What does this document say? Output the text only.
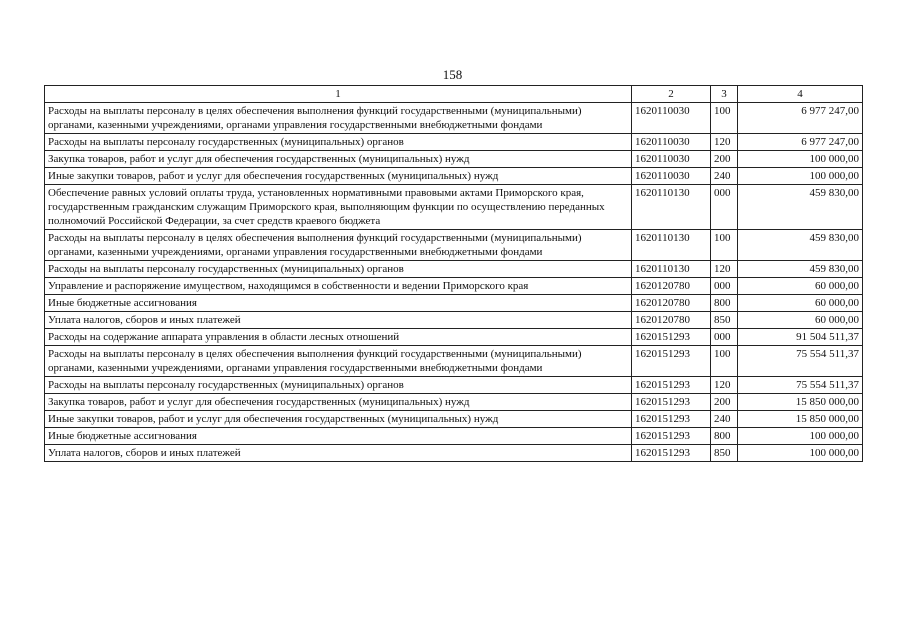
158
1	2	3	4
Расходы на выплаты персоналу в целях обеспечения выполнения функций государственными (муниципальными) органами, казенными учреждениями, органами управления государственными внебюджетными фондами	1620110030	100	6 977 247,00
Расходы на выплаты персоналу государственных (муниципальных) органов	1620110030	120	6 977 247,00
Закупка товаров, работ и услуг для обеспечения государственных (муниципальных) нужд	1620110030	200	100 000,00
Иные закупки товаров, работ и услуг для обеспечения государственных (муниципальных) нужд	1620110030	240	100 000,00
Обеспечение равных условий оплаты труда, установленных нормативными правовыми актами Приморского края, государственным гражданским служащим Приморского края, выполняющим функции по осуществлению переданных полномочий Российской Федерации, за счет средств краевого бюджета	1620110130	000	459 830,00
Расходы на выплаты персоналу в целях обеспечения выполнения функций государственными (муниципальными) органами, казенными учреждениями, органами управления государственными внебюджетными фондами	1620110130	100	459 830,00
Расходы на выплаты персоналу государственных (муниципальных) органов	1620110130	120	459 830,00
Управление и распоряжение имуществом, находящимся в собственности и ведении Приморского края	1620120780	000	60 000,00
Иные бюджетные ассигнования	1620120780	800	60 000,00
Уплата налогов, сборов и иных платежей	1620120780	850	60 000,00
Расходы на содержание аппарата управления в области лесных отношений	1620151293	000	91 504 511,37
Расходы на выплаты персоналу в целях обеспечения выполнения функций государственными (муниципальными) органами, казенными учреждениями, органами управления государственными внебюджетными фондами	1620151293	100	75 554 511,37
Расходы на выплаты персоналу государственных (муниципальных) органов	1620151293	120	75 554 511,37
Закупка товаров, работ и услуг для обеспечения государственных (муниципальных) нужд	1620151293	200	15 850 000,00
Иные закупки товаров, работ и услуг для обеспечения государственных (муниципальных) нужд	1620151293	240	15 850 000,00
Иные бюджетные ассигнования	1620151293	800	100 000,00
Уплата налогов, сборов и иных платежей	1620151293	850	100 000,00
